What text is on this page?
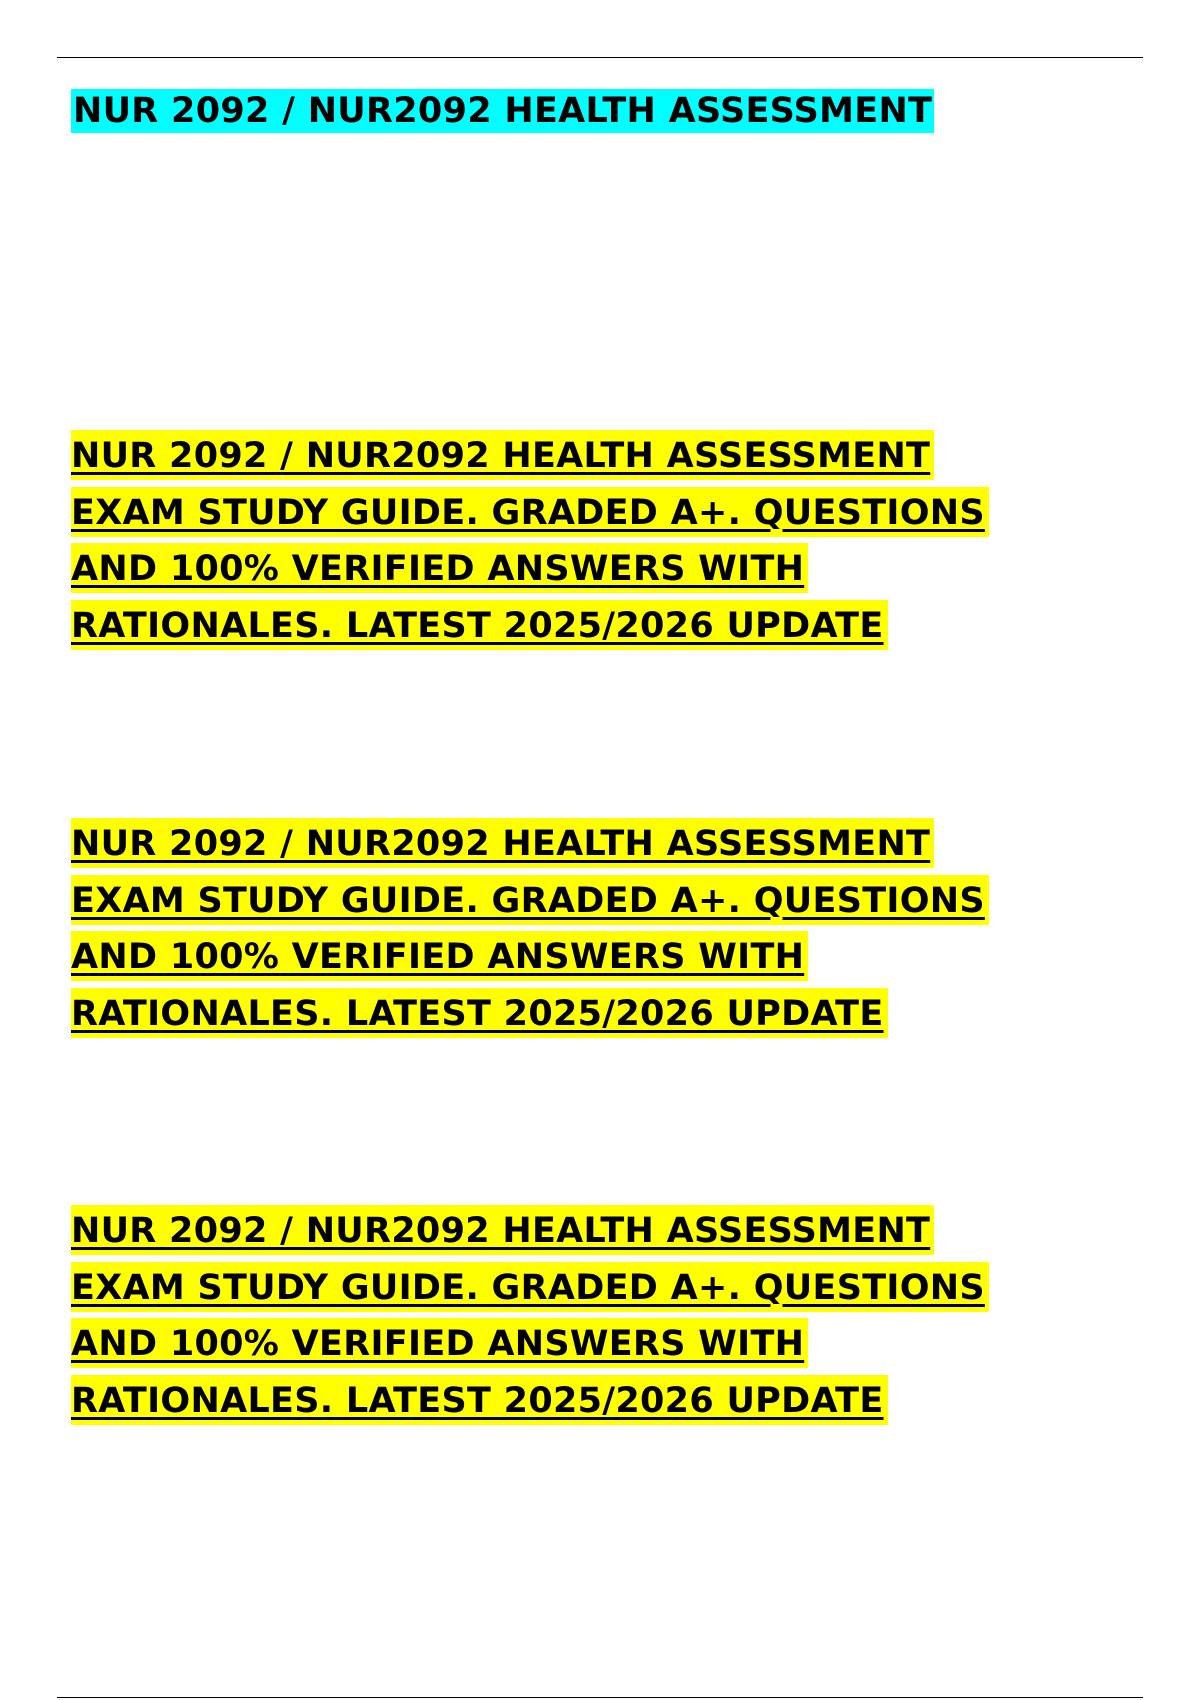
NUR 2092 / NUR2092 HEALTH ASSESSMENT
NUR 2092 / NUR2092 HEALTH ASSESSMENT
EXAM STUDY GUIDE. GRADED A+. QUESTIONS
AND 100% VERIFIED ANSWERS WITH
RATIONALES. LATEST 2025/2026 UPDATE
NUR 2092 / NUR2092 HEALTH ASSESSMENT
EXAM STUDY GUIDE. GRADED A+. QUESTIONS
AND 100% VERIFIED ANSWERS WITH
RATIONALES. LATEST 2025/2026 UPDATE
NUR 2092 / NUR2092 HEALTH ASSESSMENT
EXAM STUDY GUIDE. GRADED A+. QUESTIONS
AND 100% VERIFIED ANSWERS WITH
RATIONALES. LATEST 2025/2026 UPDATE
